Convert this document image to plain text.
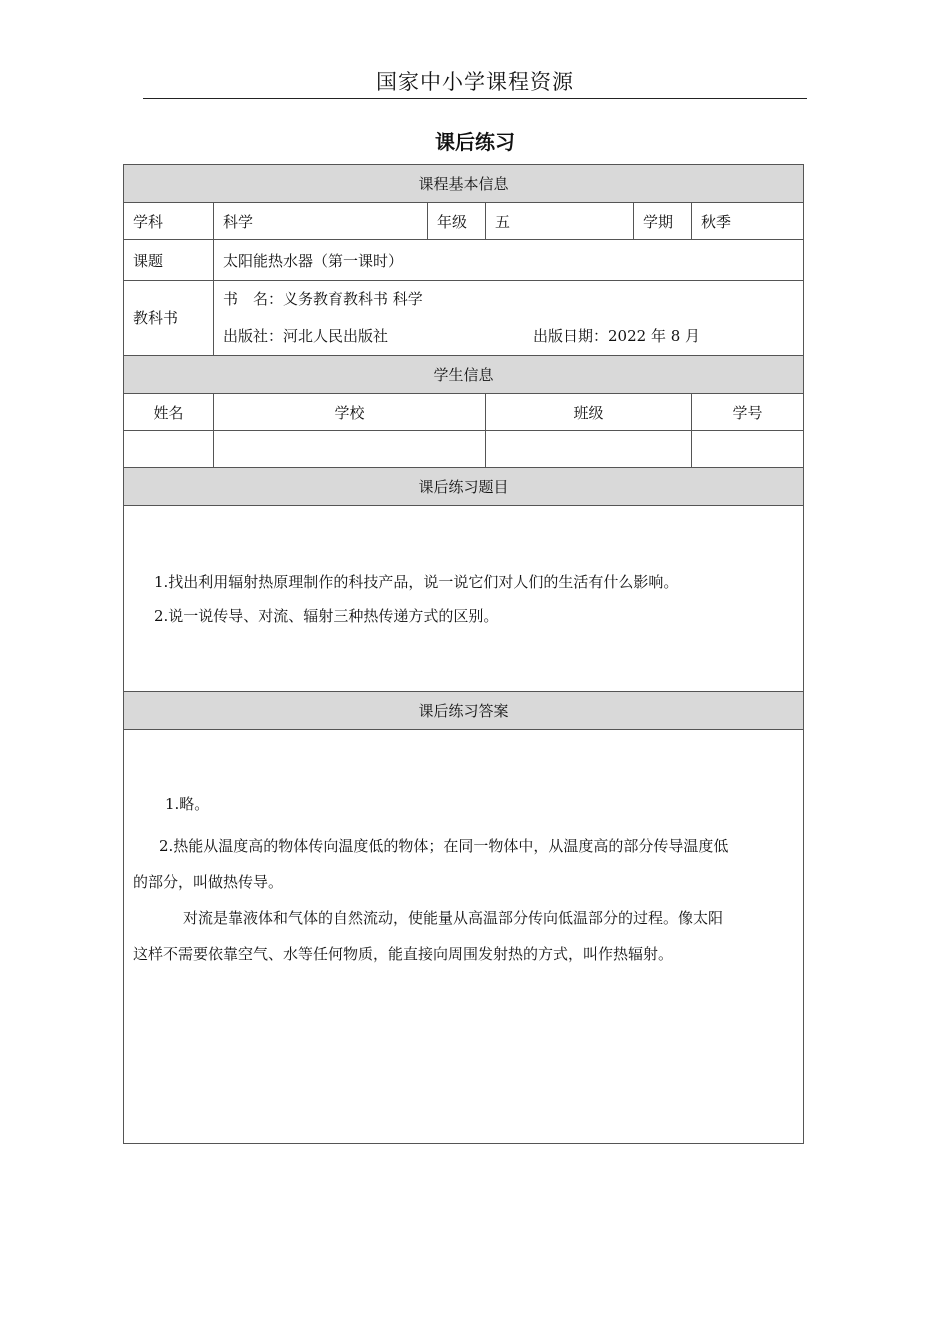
国家中小学课程资源
课后练习
课程基本信息					
学科	科学	年级	五	学期	秋季
课题	太阳能热水器（第一课时）				

教科书	书　名：义务教育教科书 科学
出版社：河北人民出版社 出版日期：2022 年 8 月				

学生信息					
姓名	学校		班级		学号

课后练习题目					

1.找出利用辐射热原理制作的科技产品，说一说它们对人们的生活有什么影响。
2.说一说传导、对流、辐射三种热传递方式的区别。					

课后练习答案					

1.略。

2.热能从温度高的物体传向温度低的物体；在同一物体中，从温度高的部分传导温度低

的部分，叫做热传导。

对流是靠液体和气体的自然流动，使能量从高温部分传向低温部分的过程。像太阳

这样不需要依靠空气、水等任何物质，能直接向周围发射热的方式，叫作热辐射。					
